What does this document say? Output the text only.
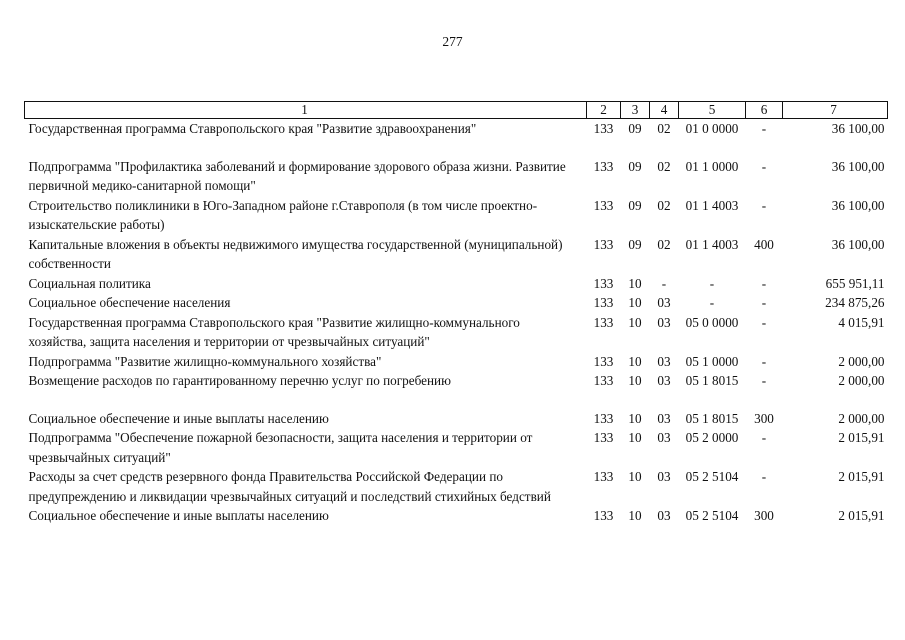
277
1	2	3	4	5	6	7
Государственная программа Ставропольского края "Развитие здравоохранения"	133	09	02	01 0 0000	-	36 100,00
Подпрограмма "Профилактика заболеваний и формирование здорового образа жизни. Развитие первичной медико-санитарной помощи"	133	09	02	01 1 0000	-	36 100,00
Строительство поликлиники в Юго-Западном районе г.Ставрополя (в том числе проектно-изыскательские работы)	133	09	02	01 1 4003	-	36 100,00
Капитальные вложения в объекты недвижимого имущества государственной (муниципальной) собственности	133	09	02	01 1 4003	400	36 100,00
Социальная политика	133	10	-	-	-	655 951,11
Социальное обеспечение населения	133	10	03	-	-	234 875,26
Государственная программа Ставропольского края "Развитие жилищно-коммунального хозяйства, защита населения и территории от чрезвычайных ситуаций"	133	10	03	05 0 0000	-	4 015,91
Подпрограмма "Развитие жилищно-коммунального хозяйства"	133	10	03	05 1 0000	-	2 000,00
Возмещение расходов по гарантированному перечню услуг по погребению	133	10	03	05 1 8015	-	2 000,00
Социальное обеспечение и иные выплаты населению	133	10	03	05 1 8015	300	2 000,00
Подпрограмма "Обеспечение пожарной безопасности, защита населения и территории от чрезвычайных ситуаций"	133	10	03	05 2 0000	-	2 015,91
Расходы за счет средств резервного фонда Правительства Российской Федерации по предупреждению и ликвидации чрезвычайных ситуаций и последствий стихийных бедствий	133	10	03	05 2 5104	-	2 015,91
Социальное обеспечение и иные выплаты населению	133	10	03	05 2 5104	300	2 015,91
